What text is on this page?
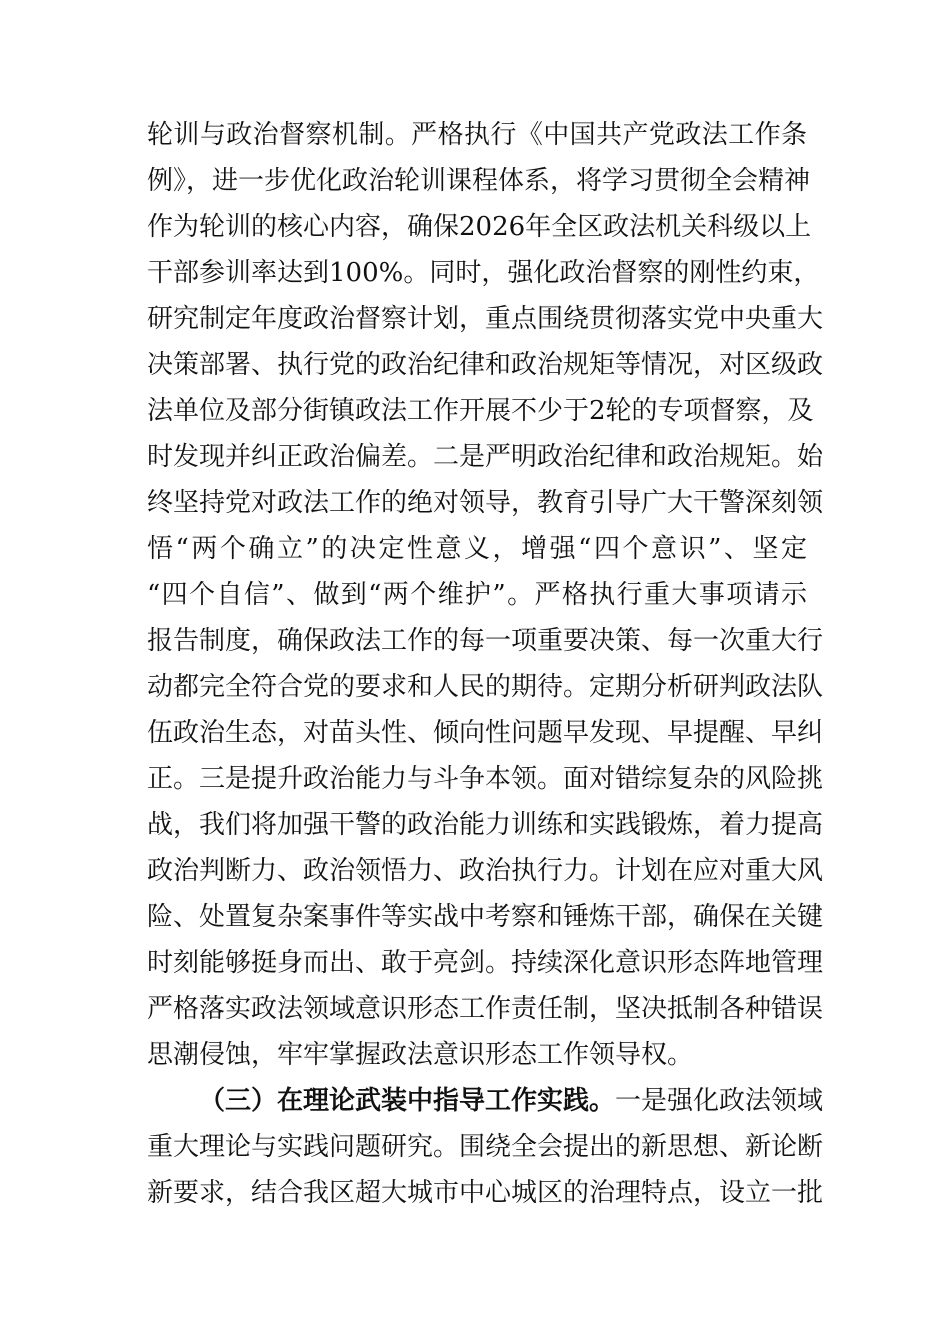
轮训与政治督察机制。严格执行《中国共产党政法工作条
例》，进一步优化政治轮训课程体系，将学习贯彻全会精神
作为轮训的核心内容，确保2026年全区政法机关科级以上
干部参训率达到100%。同时，强化政治督察的刚性约束，
研究制定年度政治督察计划，重点围绕贯彻落实党中央重大
决策部署、执行党的政治纪律和政治规矩等情况，对区级政
法单位及部分街镇政法工作开展不少于2轮的专项督察，及
时发现并纠正政治偏差。二是严明政治纪律和政治规矩。始
终坚持党对政法工作的绝对领导，教育引导广大干警深刻领
悟“两个确立”的决定性意义，增强“四个意识”、坚定
“四个自信”、做到“两个维护”。严格执行重大事项请示
报告制度，确保政法工作的每一项重要决策、每一次重大行
动都完全符合党的要求和人民的期待。定期分析研判政法队
伍政治生态，对苗头性、倾向性问题早发现、早提醒、早纠
正。三是提升政治能力与斗争本领。面对错综复杂的风险挑
战，我们将加强干警的政治能力训练和实践锻炼，着力提高
政治判断力、政治领悟力、政治执行力。计划在应对重大风
险、处置复杂案事件等实战中考察和锤炼干部，确保在关键
时刻能够挺身而出、敢于亮剑。持续深化意识形态阵地管理
严格落实政法领域意识形态工作责任制，坚决抵制各种错误
思潮侵蚀，牢牢掌握政法意识形态工作领导权。
（三）在理论武装中指导工作实践。一是强化政法领域
重大理论与实践问题研究。围绕全会提出的新思想、新论断
新要求，结合我区超大城市中心城区的治理特点，设立一批
